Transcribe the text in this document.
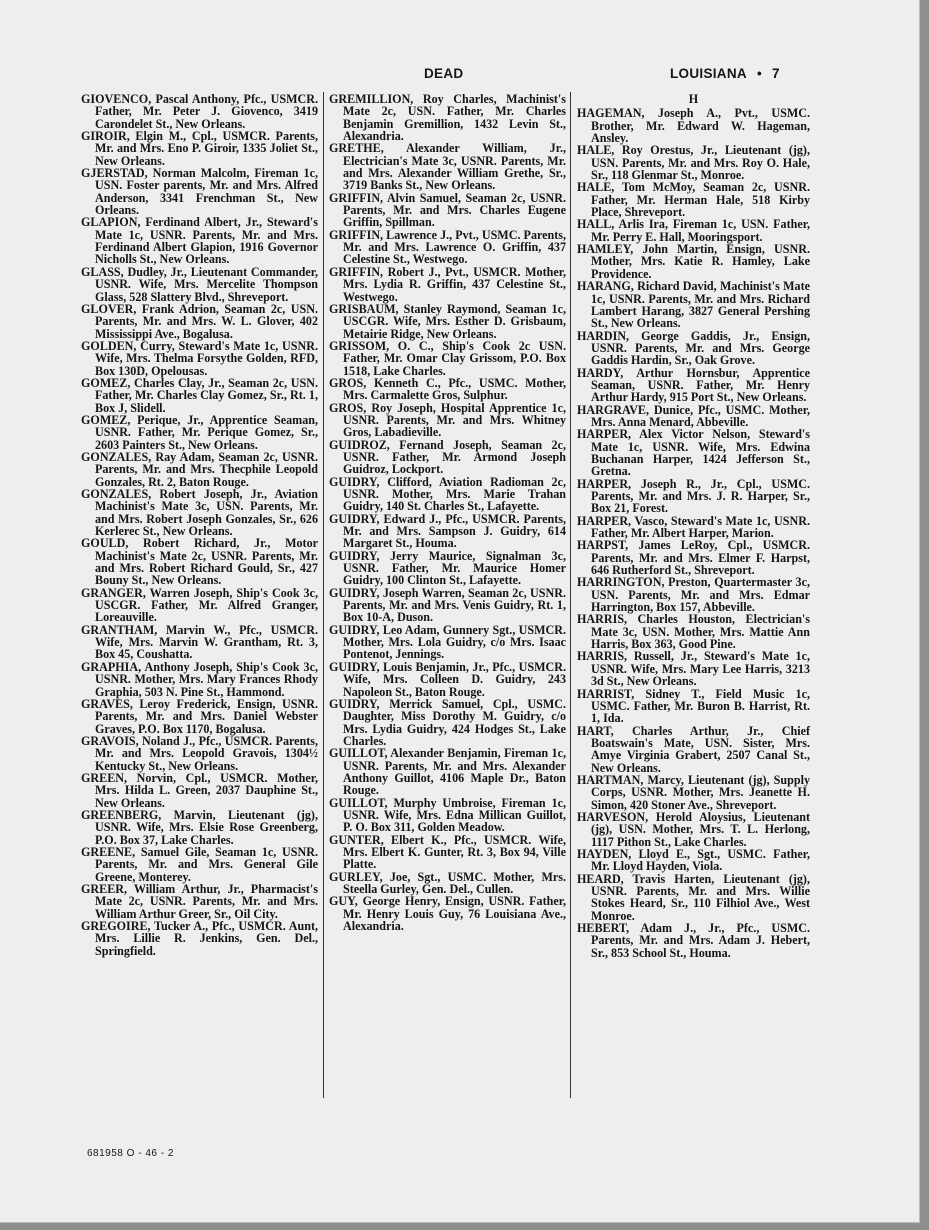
DEAD	LOUISIANA • 7

GIOVENCO, Pascal Anthony, Pfc., USMCR. Father, Mr. Peter J. Giovenco, 3419 Carondelet St., New Orleans.

GIROIR, Elgin M., Cpl., USMCR. Parents, Mr. and Mrs. Eno P. Giroir, 1335 Joliet St., New Orleans.

GJERSTAD, Norman Malcolm, Fireman 1c, USN. Foster parents, Mr. and Mrs. Alfred Anderson, 3341 Frenchman St., New Orleans.

GLAPION, Ferdinand Albert, Jr., Steward's Mate 1c, USNR. Parents, Mr. and Mrs. Ferdinand Albert Glapion, 1916 Governor Nicholls St., New Orleans.

GLASS, Dudley, Jr., Lieutenant Commander, USNR. Wife, Mrs. Mercelite Thompson Glass, 528 Slattery Blvd., Shreveport.

GLOVER, Frank Adrion, Seaman 2c, USN. Parents, Mr. and Mrs. W. L. Glover, 402 Mississippi Ave., Bogalusa.

GOLDEN, Curry, Steward's Mate 1c, USNR. Wife, Mrs. Thelma Forsythe Golden, RFD, Box 130D, Opelousas.

GOMEZ, Charles Clay, Jr., Seaman 2c, USN. Father, Mr. Charles Clay Gomez, Sr., Rt. 1, Box J, Slidell.

GOMEZ, Perique, Jr., Apprentice Seaman, USNR. Father, Mr. Perique Gomez, Sr., 2603 Painters St., New Orleans.

GONZALES, Ray Adam, Seaman 2c, USNR. Parents, Mr. and Mrs. Thecphile Leopold Gonzales, Rt. 2, Baton Rouge.

GONZALES, Robert Joseph, Jr., Aviation Machinist's Mate 3c, USN. Parents, Mr. and Mrs. Robert Joseph Gonzales, Sr., 626 Kerlerec St., New Orleans.

GOULD, Robert Richard, Jr., Motor Machinist's Mate 2c, USNR. Parents, Mr. and Mrs. Robert Richard Gould, Sr., 427 Bouny St., New Orleans.

GRANGER, Warren Joseph, Ship's Cook 3c, USCGR. Father, Mr. Alfred Granger, Loreauville.

GRANTHAM, Marvin W., Pfc., USMCR. Wife, Mrs. Marvin W. Grantham, Rt. 3, Box 45, Coushatta.

GRAPHIA, Anthony Joseph, Ship's Cook 3c, USNR. Mother, Mrs. Mary Frances Rhody Graphia, 503 N. Pine St., Hammond.

GRAVES, Leroy Frederick, Ensign, USNR. Parents, Mr. and Mrs. Daniel Webster Graves, P.O. Box 1170, Bogalusa.

GRAVOIS, Noland J., Pfc., USMCR. Parents, Mr. and Mrs. Leopold Gravois, 1304½ Kentucky St., New Orleans.

GREEN, Norvin, Cpl., USMCR. Mother, Mrs. Hilda L. Green, 2037 Dauphine St., New Orleans.

GREENBERG, Marvin, Lieutenant (jg), USNR. Wife, Mrs. Elsie Rose Greenberg, P.O. Box 37, Lake Charles.

GREENE, Samuel Gile, Seaman 1c, USNR. Parents, Mr. and Mrs. General Gile Greene, Monterey.

GREER, William Arthur, Jr., Pharmacist's Mate 2c, USNR. Parents, Mr. and Mrs. William Arthur Greer, Sr., Oil City.

GREGOIRE, Tucker A., Pfc., USMCR. Aunt, Mrs. Lillie R. Jenkins, Gen. Del., Springfield.

GREMILLION, Roy Charles, Machinist's Mate 2c, USN. Father, Mr. Charles Benjamin Gremillion, 1432 Levin St., Alexandria.

GRETHE, Alexander William, Jr., Electrician's Mate 3c, USNR. Parents, Mr. and Mrs. Alexander William Grethe, Sr., 3719 Banks St., New Orleans.

GRIFFIN, Alvin Samuel, Seaman 2c, USNR. Parents, Mr. and Mrs. Charles Eugene Griffin, Spillman.

GRIFFIN, Lawrence J., Pvt., USMC. Parents, Mr. and Mrs. Lawrence O. Griffin, 437 Celestine St., Westwego.

GRIFFIN, Robert J., Pvt., USMCR. Mother, Mrs. Lydia R. Griffin, 437 Celestine St., Westwego.

GRISBAUM, Stanley Raymond, Seaman 1c, USCGR. Wife, Mrs. Esther D. Grisbaum, Metairie Ridge, New Orleans.

GRISSOM, O. C., Ship's Cook 2c USN. Father, Mr. Omar Clay Grissom, P.O. Box 1518, Lake Charles.

GROS, Kenneth C., Pfc., USMC. Mother, Mrs. Carmalette Gros, Sulphur.

GROS, Roy Joseph, Hospital Apprentice 1c, USNR. Parents, Mr. and Mrs. Whitney Gros, Labadieville.

GUIDROZ, Fernand Joseph, Seaman 2c, USNR. Father, Mr. Armond Joseph Guidroz, Lockport.

GUIDRY, Clifford, Aviation Radioman 2c, USNR. Mother, Mrs. Marie Trahan Guidry, 140 St. Charles St., Lafayette.

GUIDRY, Edward J., Pfc., USMCR. Parents, Mr. and Mrs. Sampson J. Guidry, 614 Margaret St., Houma.

GUIDRY, Jerry Maurice, Signalman 3c, USNR. Father, Mr. Maurice Homer Guidry, 100 Clinton St., Lafayette.

GUIDRY, Joseph Warren, Seaman 2c, USNR. Parents, Mr. and Mrs. Venis Guidry, Rt. 1, Box 10-A, Duson.

GUIDRY, Leo Adam, Gunnery Sgt., USMCR. Mother, Mrs. Lola Guidry, c/o Mrs. Isaac Pontenot, Jennings.

GUIDRY, Louis Benjamin, Jr., Pfc., USMCR. Wife, Mrs. Colleen D. Guidry, 243 Napoleon St., Baton Rouge.

GUIDRY, Merrick Samuel, Cpl., USMC. Daughter, Miss Dorothy M. Guidry, c/o Mrs. Lydia Guidry, 424 Hodges St., Lake Charles.

GUILLOT, Alexander Benjamin, Fireman 1c, USNR. Parents, Mr. and Mrs. Alexander Anthony Guillot, 4106 Maple Dr., Baton Rouge.

GUILLOT, Murphy Umbroise, Fireman 1c, USNR. Wife, Mrs. Edna Millican Guillot, P. O. Box 311, Golden Meadow.

GUNTER, Elbert K., Pfc., USMCR. Wife, Mrs. Elbert K. Gunter, Rt. 3, Box 94, Ville Platte.

GURLEY, Joe, Sgt., USMC. Mother, Mrs. Steella Gurley, Gen. Del., Cullen.

GUY, George Henry, Ensign, USNR. Father, Mr. Henry Louis Guy, 76 Louisiana Ave., Alexandria.

H

HAGEMAN, Joseph A., Pvt., USMC. Brother, Mr. Edward W. Hageman, Ansley.

HALE, Roy Orestus, Jr., Lieutenant (jg), USN. Parents, Mr. and Mrs. Roy O. Hale, Sr., 118 Glenmar St., Monroe.

HALE, Tom McMoy, Seaman 2c, USNR. Father, Mr. Herman Hale, 518 Kirby Place, Shreveport.

HALL, Arlis Ira, Fireman 1c, USN. Father, Mr. Perry E. Hall, Mooringsport.

HAMLEY, John Martin, Ensign, USNR. Mother, Mrs. Katie R. Hamley, Lake Providence.

HARANG, Richard David, Machinist's Mate 1c, USNR. Parents, Mr. and Mrs. Richard Lambert Harang, 3827 General Pershing St., New Orleans.

HARDIN, George Gaddis, Jr., Ensign, USNR. Parents, Mr. and Mrs. George Gaddis Hardin, Sr., Oak Grove.

HARDY, Arthur Hornsbur, Apprentice Seaman, USNR. Father, Mr. Henry Arthur Hardy, 915 Port St., New Orleans.

HARGRAVE, Dunice, Pfc., USMC. Mother, Mrs. Anna Menard, Abbeville.

HARPER, Alex Victor Nelson, Steward's Mate 1c, USNR. Wife, Mrs. Edwina Buchanan Harper, 1424 Jefferson St., Gretna.

HARPER, Joseph R., Jr., Cpl., USMC. Parents, Mr. and Mrs. J. R. Harper, Sr., Box 21, Forest.

HARPER, Vasco, Steward's Mate 1c, USNR. Father, Mr. Albert Harper, Marion.

HARPST, James LeRoy, Cpl., USMCR. Parents, Mr. and Mrs. Elmer F. Harpst, 646 Rutherford St., Shreveport.

HARRINGTON, Preston, Quartermaster 3c, USN. Parents, Mr. and Mrs. Edmar Harrington, Box 157, Abbeville.

HARRIS, Charles Houston, Electrician's Mate 3c, USN. Mother, Mrs. Mattie Ann Harris, Box 363, Good Pine.

HARRIS, Russell, Jr., Steward's Mate 1c, USNR. Wife, Mrs. Mary Lee Harris, 3213 3d St., New Orleans.

HARRIST, Sidney T., Field Music 1c, USMC. Father, Mr. Buron B. Harrist, Rt. 1, Ida.

HART, Charles Arthur, Jr., Chief Boatswain's Mate, USN. Sister, Mrs. Amye Virginia Grabert, 2507 Canal St., New Orleans.

HARTMAN, Marcy, Lieutenant (jg), Supply Corps, USNR. Mother, Mrs. Jeanette H. Simon, 420 Stoner Ave., Shreveport.

HARVESON, Herold Aloysius, Lieutenant (jg), USN. Mother, Mrs. T. L. Herlong, 1117 Pithon St., Lake Charles.

HAYDEN, Lloyd E., Sgt., USMC. Father, Mr. Lloyd Hayden, Viola.

HEARD, Travis Harten, Lieutenant (jg), USNR. Parents, Mr. and Mrs. Willie Stokes Heard, Sr., 110 Filhiol Ave., West Monroe.

HEBERT, Adam J., Jr., Pfc., USMC. Parents, Mr. and Mrs. Adam J. Hebert, Sr., 853 School St., Houma.

681958 O - 46 - 2
